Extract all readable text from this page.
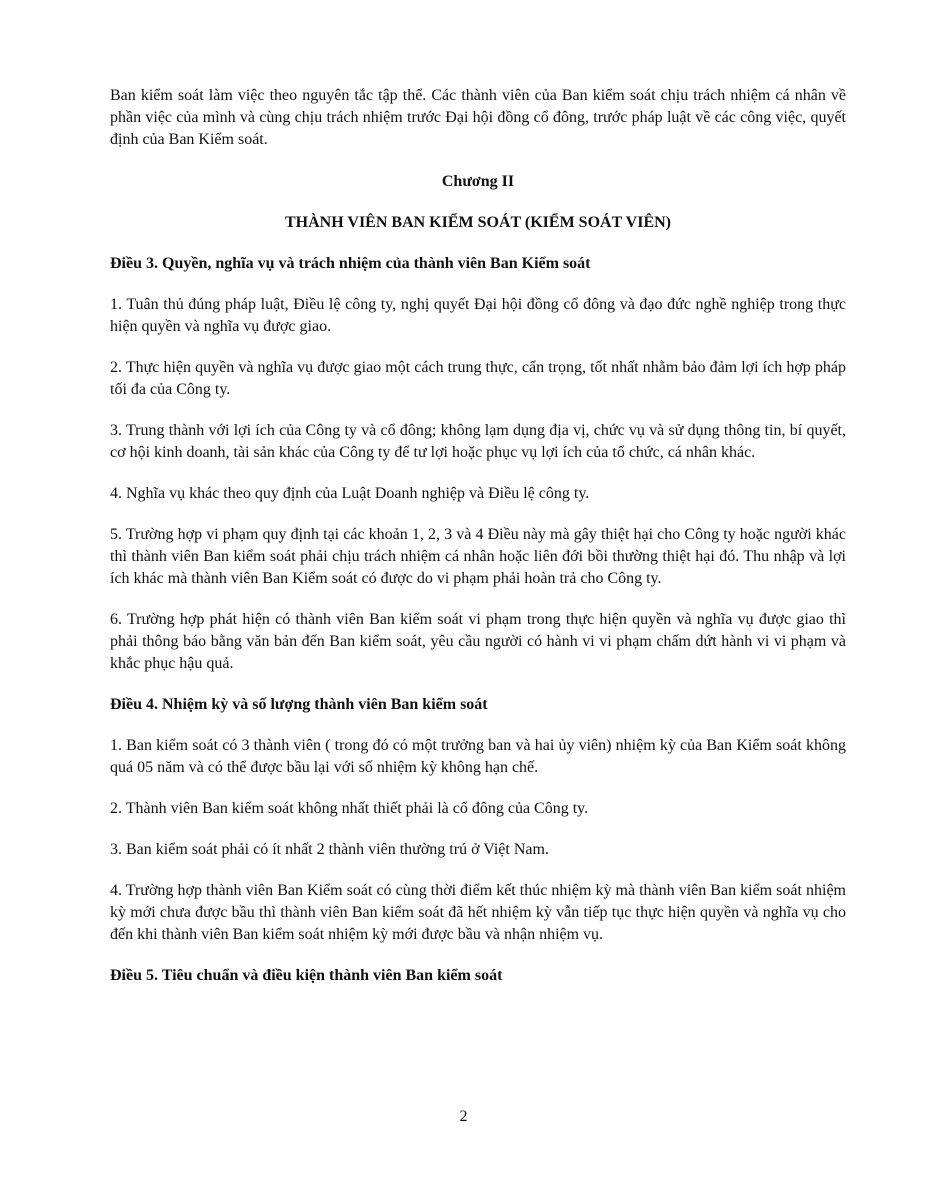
Ban kiểm soát làm việc theo nguyên tắc tập thể. Các thành viên của Ban kiểm soát chịu trách nhiệm cá nhân về phần việc của mình và cùng chịu trách nhiệm trước Đại hội đồng cổ đông, trước pháp luật về các công việc, quyết định của Ban Kiểm soát.

Chương II
THÀNH VIÊN BAN KIỂM SOÁT (KIỂM SOÁT VIÊN)
Điều 3. Quyền, nghĩa vụ và trách nhiệm của thành viên Ban Kiểm soát

1. Tuân thủ đúng pháp luật, Điều lệ công ty, nghị quyết Đại hội đồng cổ đông và đạo đức nghề nghiệp trong thực hiện quyền và nghĩa vụ được giao.

2. Thực hiện quyền và nghĩa vụ được giao một cách trung thực, cẩn trọng, tốt nhất nhằm bảo đảm lợi ích hợp pháp tối đa của Công ty.

3. Trung thành với lợi ích của Công ty và cổ đông; không lạm dụng địa vị, chức vụ và sử dụng thông tin, bí quyết, cơ hội kinh doanh, tài sản khác của Công ty để tư lợi hoặc phục vụ lợi ích của tổ chức, cá nhân khác.

4. Nghĩa vụ khác theo quy định của Luật Doanh nghiệp và Điều lệ công ty.

5. Trường hợp vi phạm quy định tại các khoản 1, 2, 3 và 4 Điều này mà gây thiệt hại cho Công ty hoặc người khác thì thành viên Ban kiểm soát phải chịu trách nhiệm cá nhân hoặc liên đới bồi thường thiệt hại đó. Thu nhập và lợi ích khác mà thành viên Ban Kiểm soát có được do vi phạm phải hoàn trả cho Công ty.

6. Trường hợp phát hiện có thành viên Ban kiểm soát vi phạm trong thực hiện quyền và nghĩa vụ được giao thì phải thông báo bằng văn bản đến Ban kiểm soát, yêu cầu người có hành vi vi phạm chấm dứt hành vi vi phạm và khắc phục hậu quả.

Điều 4. Nhiệm kỳ và số lượng thành viên Ban kiểm soát

1. Ban kiểm soát có 3 thành viên ( trong đó có một trưởng ban và hai ủy viên) nhiệm kỳ của Ban Kiểm soát không quá 05 năm và có thể được bầu lại với số nhiệm kỳ không hạn chế.

2. Thành viên Ban kiểm soát không nhất thiết phải là cổ đông của Công ty.

3. Ban kiểm soát phải có ít nhất 2 thành viên thường trú ở Việt Nam.

4. Trường hợp thành viên Ban Kiểm soát có cùng thời điểm kết thúc nhiệm kỳ mà thành viên Ban kiểm soát nhiệm kỳ mới chưa được bầu thì thành viên Ban kiểm soát đã hết nhiệm kỳ vẫn tiếp tục thực hiện quyền và nghĩa vụ cho đến khi thành viên Ban kiểm soát nhiệm kỳ mới được bầu và nhận nhiệm vụ.

Điều 5. Tiêu chuẩn và điều kiện thành viên Ban kiểm soát
2
